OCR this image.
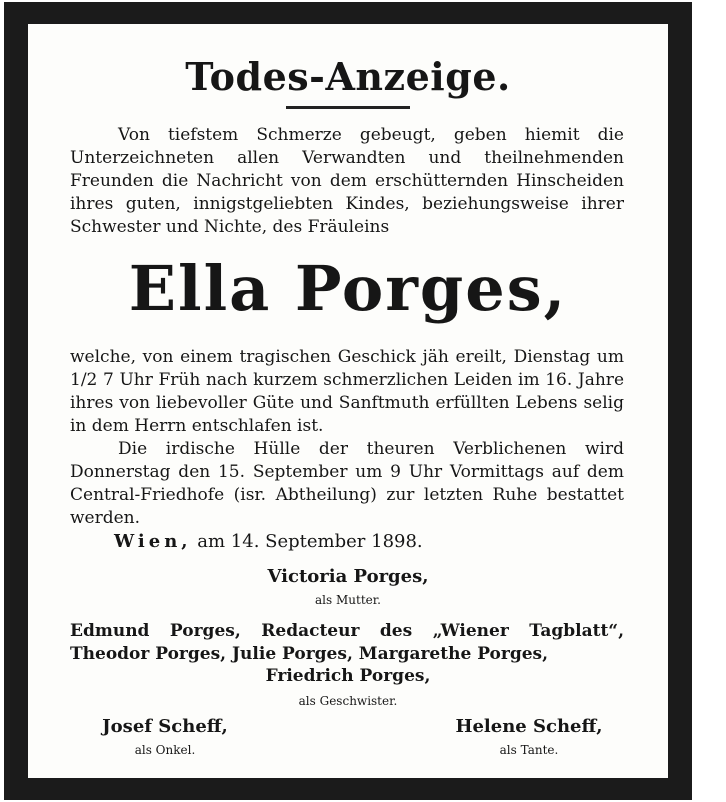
Todes-Anzeige.
Von tiefstem Schmerze gebeugt, geben hiemit die Unterzeichneten allen Verwandten und theilnehmenden Freunden die Nachricht von dem erschütternden Hinscheiden ihres guten, innigstgeliebten Kindes, beziehungsweise ihrer Schwester und Nichte, des Fräuleins
Ella Porges,
welche, von einem tragischen Geschick jäh ereilt, Dienstag um 1/2 7 Uhr Früh nach kurzem schmerzlichen Leiden im 16. Jahre ihres von liebevoller Güte und Sanftmuth erfüllten Lebens selig in dem Herrn entschlafen ist.
Die irdische Hülle der theuren Verblichenen wird Donnerstag den 15. September um 9 Uhr Vormittags auf dem Central-Friedhofe (isr. Abtheilung) zur letzten Ruhe bestattet werden.
Wien, am 14. September 1898.
Victoria Porges,
als Mutter.
Edmund Porges, Redacteur des „Wiener Tagblatt“, Theodor Porges, Julie Porges, Margarethe Porges,
Friedrich Porges,
als Geschwister.
Josef Scheff,
als Onkel.
Helene Scheff,
als Tante.
